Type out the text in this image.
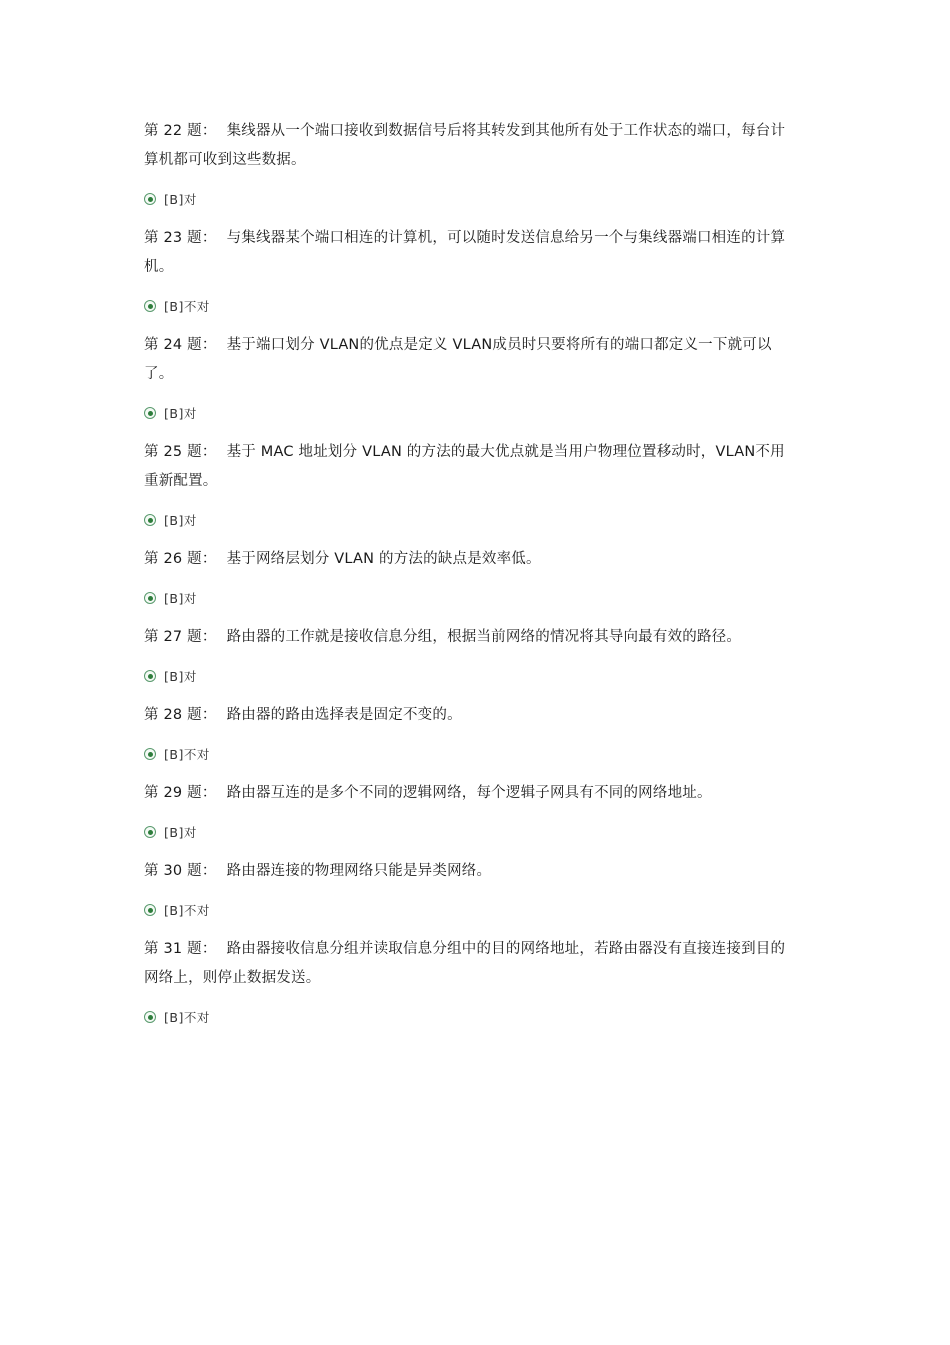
第 22 题： 集线器从一个端口接收到数据信号后将其转发到其他所有处于工作状态的端口，每台计算机都可收到这些数据。

[B]对

第 23 题： 与集线器某个端口相连的计算机，可以随时发送信息给另一个与集线器端口相连的计算机。

[B]不对

第 24 题： 基于端口划分 VLAN的优点是定义 VLAN成员时只要将所有的端口都定义一下就可以了。

[B]对

第 25 题： 基于 MAC 地址划分 VLAN 的方法的最大优点就是当用户物理位置移动时，VLAN不用重新配置。

[B]对

第 26 题： 基于网络层划分 VLAN 的方法的缺点是效率低。

[B]对

第 27 题： 路由器的工作就是接收信息分组，根据当前网络的情况将其导向最有效的路径。

[B]对

第 28 题： 路由器的路由选择表是固定不变的。

[B]不对

第 29 题： 路由器互连的是多个不同的逻辑网络，每个逻辑子网具有不同的网络地址。

[B]对

第 30 题： 路由器连接的物理网络只能是异类网络。

[B]不对

第 31 题： 路由器接收信息分组并读取信息分组中的目的网络地址，若路由器没有直接连接到目的网络上，则停止数据发送。

[B]不对
